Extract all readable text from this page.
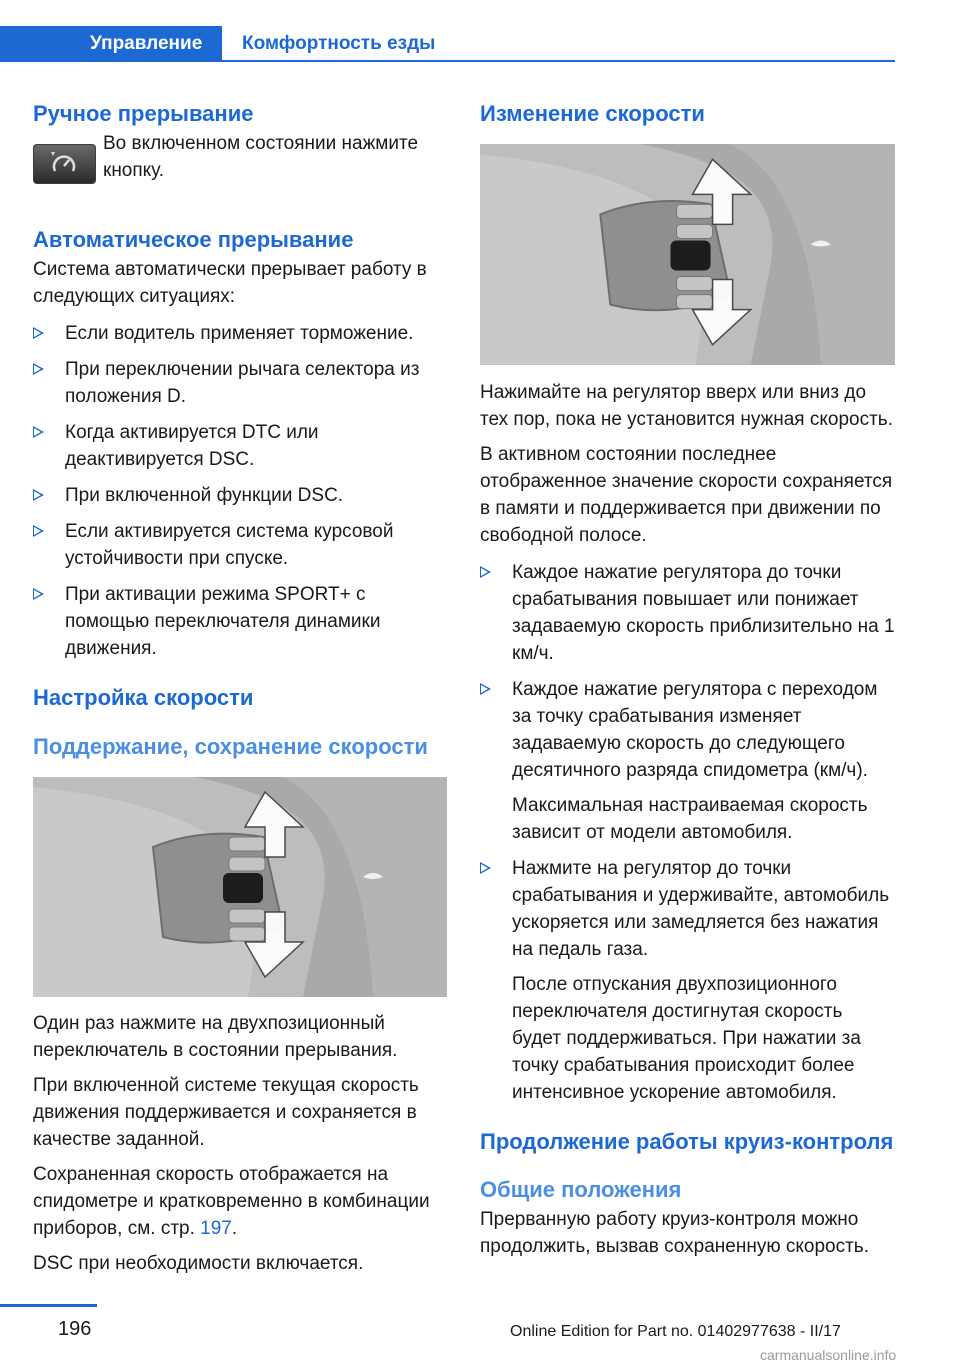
Управление	Комфортность езды
Ручное прерывание

Во включенном состоянии нажмите кнопку.

Автоматическое прерывание

Система автоматически прерывает работу в следующих ситуациях:

Если водитель применяет торможение.
При переключении рычага селектора из положения D.
Когда активируется DTC или деактивируется DSC.
При включенной функции DSC.
Если активируется система курсовой устойчивости при спуске.
При активации режима SPORT+ с помощью переключателя динамики движения.
Настройка скорости
Поддержание, сохранение скорости

Один раз нажмите на двухпозиционный переключатель в состоянии прерывания.

При включенной системе текущая скорость движения поддерживается и сохраняется в качестве заданной.

Сохраненная скорость отображается на спидометре и кратковременно в комбинации приборов, см. стр. 197.

DSC при необходимости включается.

Изменение скорости

Нажимайте на регулятор вверх или вниз до тех пор, пока не установится нужная скорость.

В активном состоянии последнее отображенное значение скорости сохраняется в памяти и поддерживается при движении по свободной полосе.

Каждое нажатие регулятора до точки срабатывания повышает или понижает задаваемую скорость приблизительно на 1 км/ч.
Каждое нажатие регулятора с переходом за точку срабатывания изменяет задаваемую скорость до следующего десятичного разряда спидометра (км/ч).

Максимальная настраиваемая скорость зависит от модели автомобиля.

Нажмите на регулятор до точки срабатывания и удерживайте, автомобиль ускоряется или замедляется без нажатия на педаль газа.

После отпускания двухпозиционного переключателя достигнутая скорость будет поддерживаться. При нажатии за точку срабатывания происходит более интенсивное ускорение автомобиля.

Продолжение работы круиз-контроля
Общие положения

Прерванную работу круиз-контроля можно продолжить, вызвав сохраненную скорость.

196	Online Edition for Part no. 01402977638 - II/17
carmanualsonline.info
